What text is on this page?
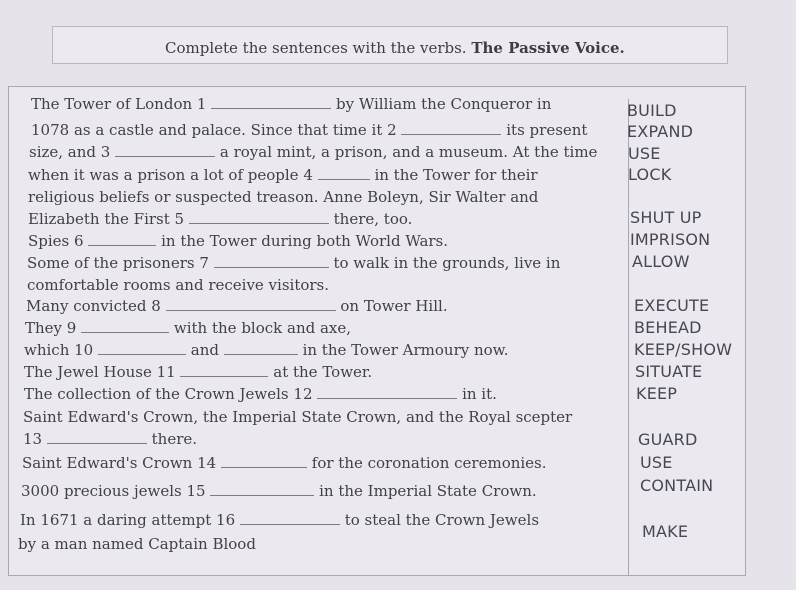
Complete the sentences with the verbs. The Passive Voice.
The Tower of London 1	by William the Conqueror in
1078 as a castle and palace. Since that time it 2	its present
size, and 3	a royal mint, a prison, and a museum. At the time
when it was a prison a lot of people 4	in the Tower for their
religious beliefs or suspected treason. Anne Boleyn, Sir Walter and
Elizabeth the First 5	there, too.
Spies 6	in the Tower during both World Wars.
Some of the prisoners 7	to walk in the grounds, live in
comfortable rooms and receive visitors.
Many convicted 8	on Tower Hill.
They 9	with the block and axe,
which 10	and	in the Tower Armoury now.
The Jewel House 11	at the Tower.
The collection of the Crown Jewels 12	in it.
Saint Edward's Crown, the Imperial State Crown, and the Royal scepter
13	there.
Saint Edward's Crown 14	for the coronation ceremonies.
3000 precious jewels 15	in the Imperial State Crown.
In 1671 a daring attempt 16	to steal the Crown Jewels
by a man named Captain Blood
BUILD
EXPAND
USE
LOCK
SHUT UP
IMPRISON
ALLOW
EXECUTE
BEHEAD
KEEP/SHOW
SITUATE
KEEP
GUARD
USE
CONTAIN
MAKE
